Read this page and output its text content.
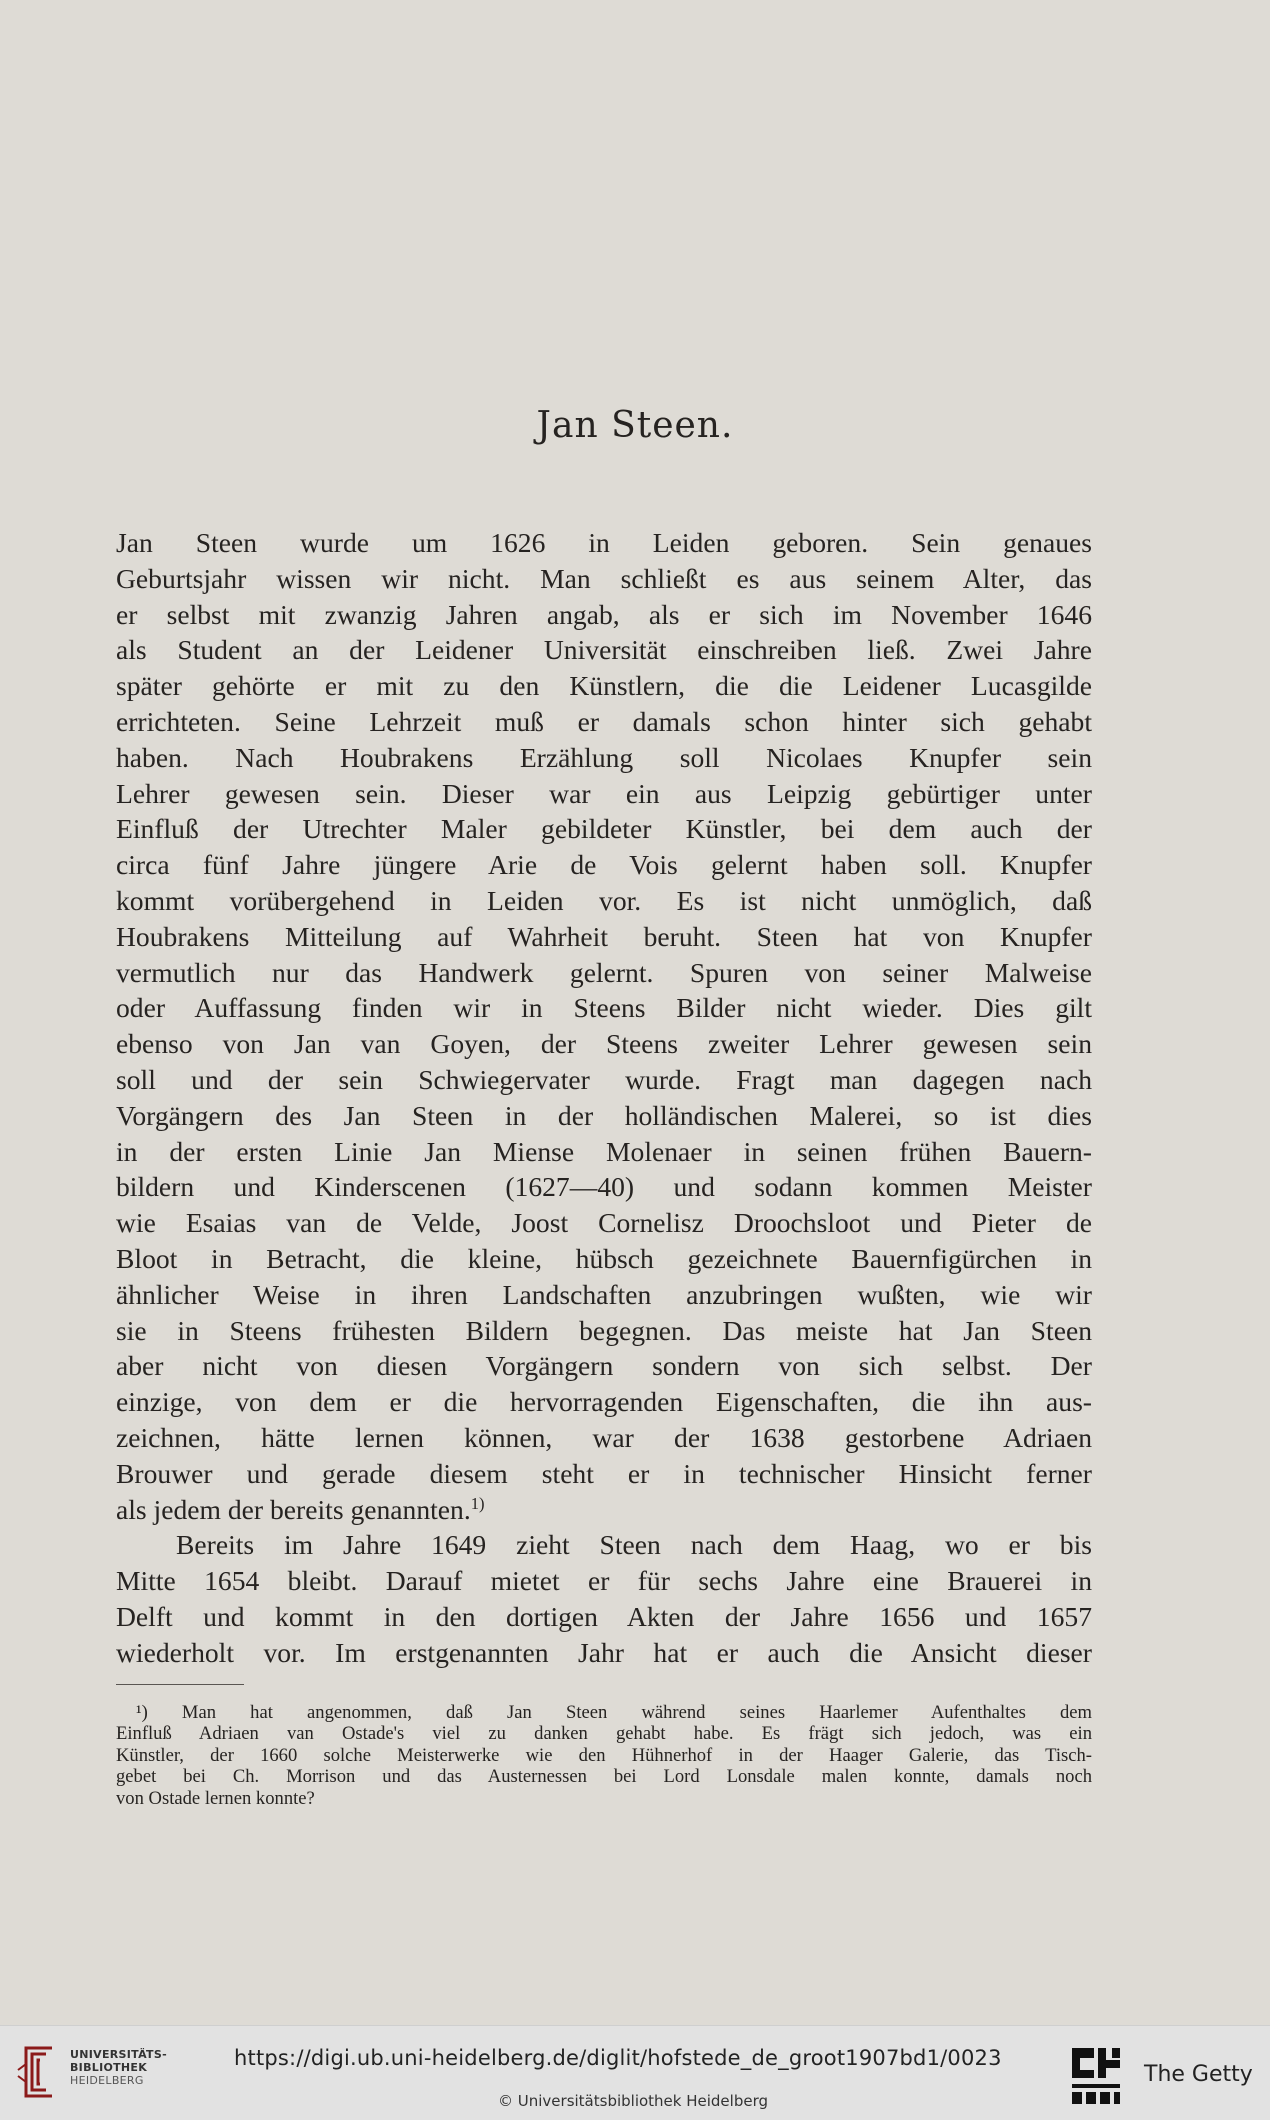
Jan Steen.
Jan Steen wurde um 1626 in Leiden geboren. Sein genaues
Geburtsjahr wissen wir nicht. Man schließt es aus seinem Alter, das
er selbst mit zwanzig Jahren angab, als er sich im November 1646
als Student an der Leidener Universität einschreiben ließ. Zwei Jahre
später gehörte er mit zu den Künstlern, die die Leidener Lucasgilde
errichteten. Seine Lehrzeit muß er damals schon hinter sich gehabt
haben. Nach Houbrakens Erzählung soll Nicolaes Knupfer sein
Lehrer gewesen sein. Dieser war ein aus Leipzig gebürtiger unter
Einfluß der Utrechter Maler gebildeter Künstler, bei dem auch der
circa fünf Jahre jüngere Arie de Vois gelernt haben soll. Knupfer
kommt vorübergehend in Leiden vor. Es ist nicht unmöglich, daß
Houbrakens Mitteilung auf Wahrheit beruht. Steen hat von Knupfer
vermutlich nur das Handwerk gelernt. Spuren von seiner Malweise
oder Auffassung finden wir in Steens Bilder nicht wieder. Dies gilt
ebenso von Jan van Goyen, der Steens zweiter Lehrer gewesen sein
soll und der sein Schwiegervater wurde. Fragt man dagegen nach
Vorgängern des Jan Steen in der holländischen Malerei, so ist dies
in der ersten Linie Jan Miense Molenaer in seinen frühen Bauern-
bildern und Kinderscenen (1627—40) und sodann kommen Meister
wie Esaias van de Velde, Joost Cornelisz Droochsloot und Pieter de
Bloot in Betracht, die kleine, hübsch gezeichnete Bauernfigürchen in
ähnlicher Weise in ihren Landschaften anzubringen wußten, wie wir
sie in Steens frühesten Bildern begegnen. Das meiste hat Jan Steen
aber nicht von diesen Vorgängern sondern von sich selbst. Der
einzige, von dem er die hervorragenden Eigenschaften, die ihn aus-
zeichnen, hätte lernen können, war der 1638 gestorbene Adriaen
Brouwer und gerade diesem steht er in technischer Hinsicht ferner
als jedem der bereits genannten.$^{1)}$
Bereits im Jahre 1649 zieht Steen nach dem Haag, wo er bis
Mitte 1654 bleibt. Darauf mietet er für sechs Jahre eine Brauerei in
Delft und kommt in den dortigen Akten der Jahre 1656 und 1657
wiederholt vor. Im erstgenannten Jahr hat er auch die Ansicht dieser
¹) Man hat angenommen, daß Jan Steen während seines Haarlemer Aufenthaltes dem
Einfluß Adriaen van Ostade's viel zu danken gehabt habe. Es frägt sich jedoch, was ein
Künstler, der 1660 solche Meisterwerke wie den Hühnerhof in der Haager Galerie, das Tisch-
gebet bei Ch. Morrison und das Austernessen bei Lord Lonsdale malen konnte, damals noch
von Ostade lernen konnte?
UNIVERSITÄTS-
BIBLIOTHEK
HEIDELBERG
https://digi.ub.uni-heidelberg.de/diglit/hofstede_de_groot1907bd1/0023
© Universitätsbibliothek Heidelberg
The Getty
